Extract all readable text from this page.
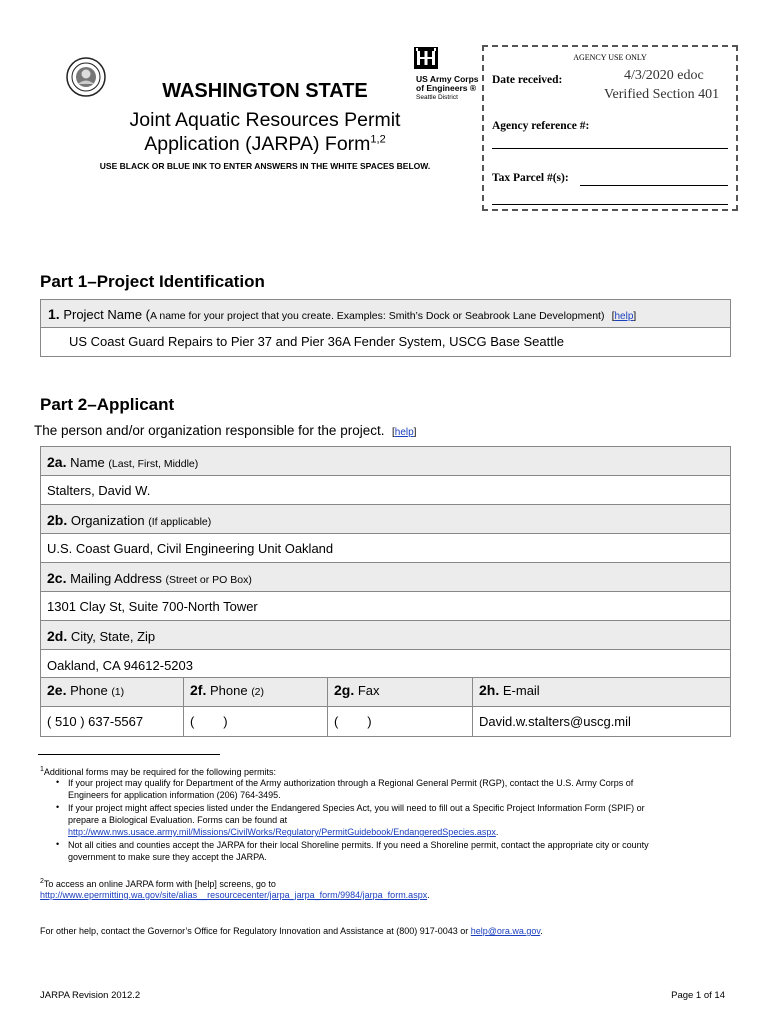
US Army Corps
of Engineers ®
Seattle District
WASHINGTON STATE
Joint Aquatic Resources Permit
Application (JARPA) Form$^{1,2}$
USE BLACK OR BLUE INK TO ENTER ANSWERS IN THE WHITE SPACES BELOW.
AGENCY USE ONLY
Date received:	4/3/2020 edoc
Verified Section 401
Agency reference #:
Tax Parcel #(s):
Part 1–Project Identification
1. Project Name (A name for your project that you create. Examples: Smith’s Dock or Seabrook Lane Development) [help]
US Coast Guard Repairs to Pier 37 and Pier 36A Fender System, USCG Base Seattle
Part 2–Applicant
The person and/or organization responsible for the project. [help]
2a. Name (Last, First, Middle)
Stalters, David W.
2b. Organization (If applicable)
U.S. Coast Guard, Civil Engineering Unit Oakland
2c. Mailing Address (Street or PO Box)
1301 Clay St, Suite 700-North Tower
2d. City, State, Zip
Oakland, CA 94612-5203
2e. Phone (1)	2f. Phone (2)	2g. Fax	2h. E-mail
( 510 ) 637-5567	(        )	(        )	David.w.stalters@uscg.mil
$^1$Additional forms may be required for the following permits:
• If your project may qualify for Department of the Army authorization through a Regional General Permit (RGP), contact the U.S. Army Corps of
Engineers for application information (206) 764-3495.
• If your project might affect species listed under the Endangered Species Act, you will need to fill out a Specific Project Information Form (SPIF) or
prepare a Biological Evaluation. Forms can be found at
http://www.nws.usace.army.mil/Missions/CivilWorks/Regulatory/PermitGuidebook/EndangeredSpecies.aspx.
• Not all cities and counties accept the JARPA for their local Shoreline permits. If you need a Shoreline permit, contact the appropriate city or county
government to make sure they accept the JARPA.
$^2$To access an online JARPA form with [help] screens, go to
http://www.epermitting.wa.gov/site/alias__resourcecenter/jarpa_jarpa_form/9984/jarpa_form.aspx.
For other help, contact the Governor’s Office for Regulatory Innovation and Assistance at (800) 917-0043 or help@ora.wa.gov.
JARPA Revision 2012.2	Page 1 of 14
